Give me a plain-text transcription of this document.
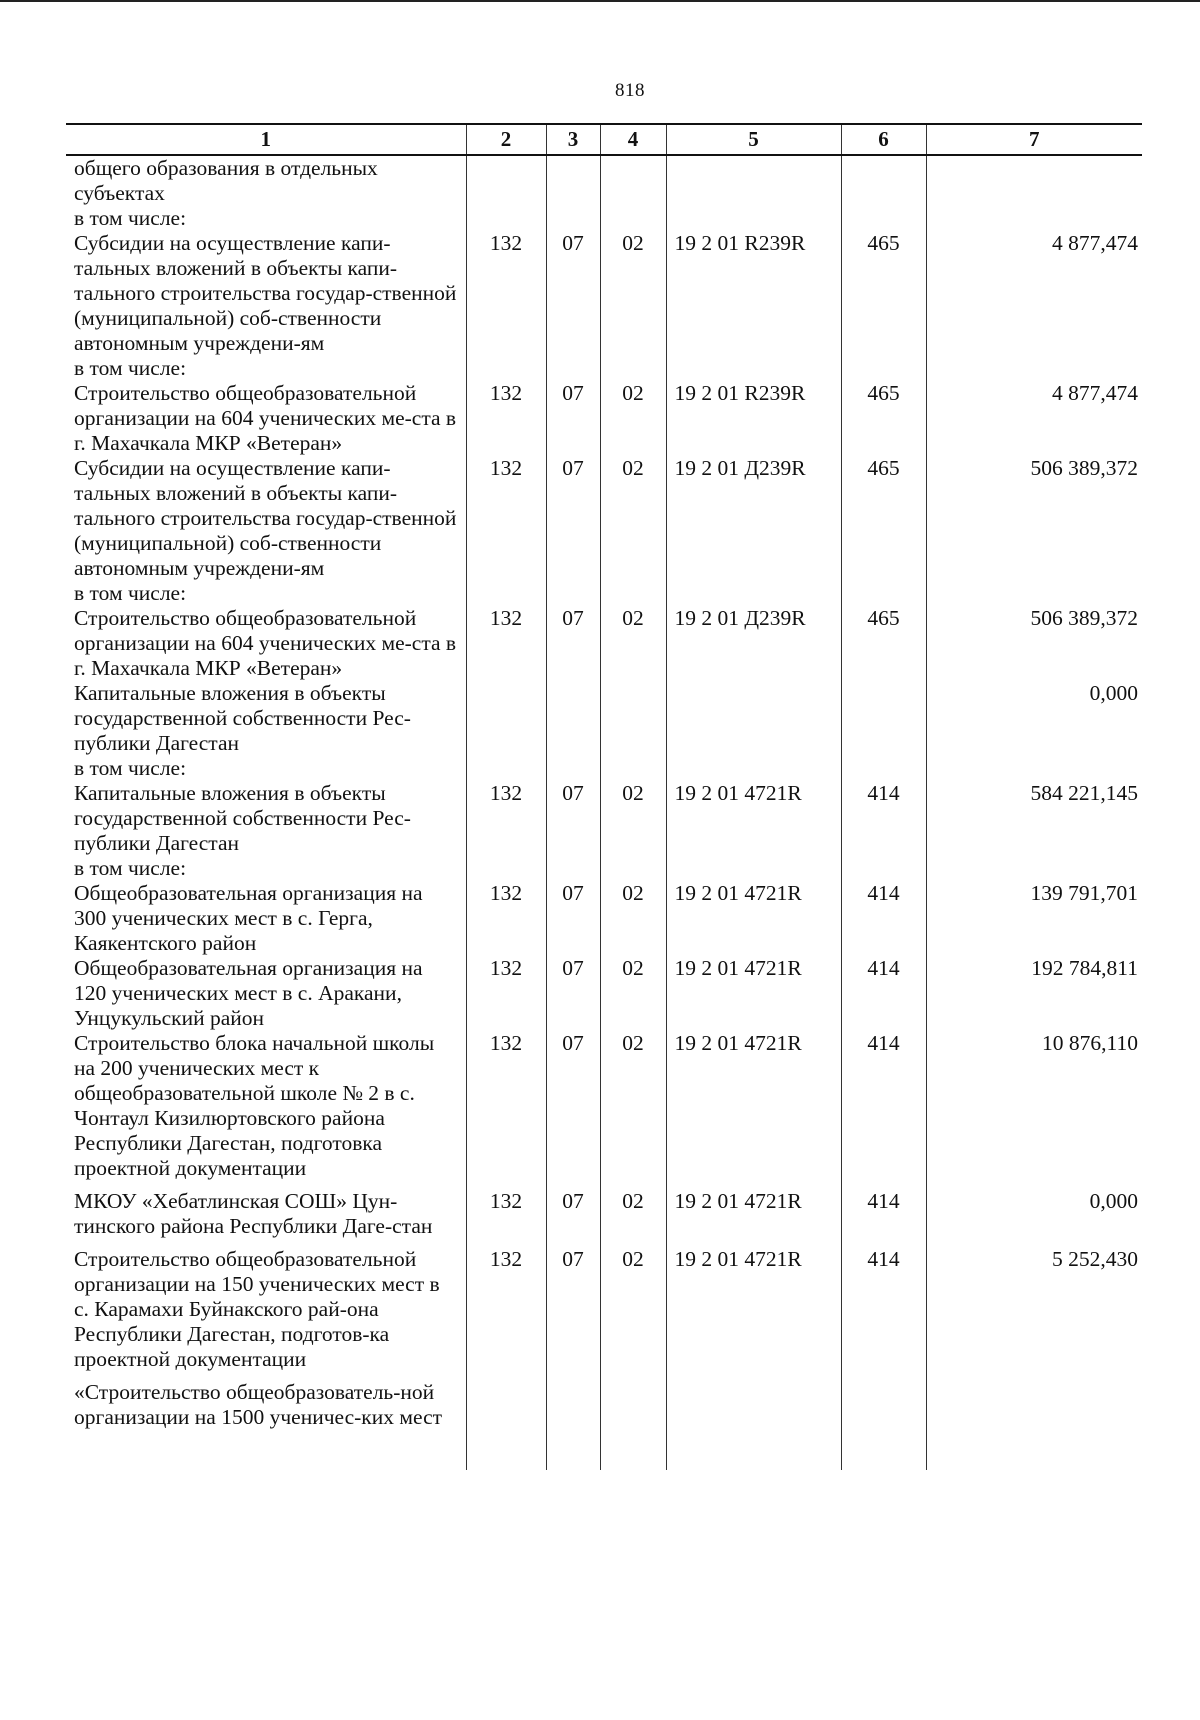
818
1	2	3	4	5	6	7
общего образования в отдельных субъектах						
в том числе:						
Субсидии на осуществление капи-тальных вложений в объекты капи-тального строительства государ-ственной (муниципальной) соб-ственности автономным учреждени-ям	132	07	02	19 2 01 R239R	465	4 877,474
в том числе:						
Строительство общеобразовательной организации на 604 ученических ме-ста в г. Махачкала МКР «Ветеран»	132	07	02	19 2 01 R239R	465	4 877,474
Субсидии на осуществление капи-тальных вложений в объекты капи-тального строительства государ-ственной (муниципальной) соб-ственности автономным учреждени-ям	132	07	02	19 2 01 Д239R	465	506 389,372
в том числе:						
Строительство общеобразовательной организации на 604 ученических ме-ста в г. Махачкала МКР «Ветеран»	132	07	02	19 2 01 Д239R	465	506 389,372
Капитальные вложения в объекты государственной собственности Рес-публики Дагестан						0,000
в том числе:						
Капитальные вложения в объекты государственной собственности Рес-публики Дагестан	132	07	02	19 2 01 4721R	414	584 221,145
в том числе:						
Общеобразовательная организация на 300 ученических мест в с. Герга, Каякентского район	132	07	02	19 2 01 4721R	414	139 791,701
Общеобразовательная организация на 120 ученических мест в с. Аракани, Унцукульский район	132	07	02	19 2 01 4721R	414	192 784,811
Строительство блока начальной школы на 200 ученических мест к общеобразовательной школе № 2 в с. Чонтаул Кизилюртовского района Республики Дагестан, подготовка проектной документации	132	07	02	19 2 01 4721R	414	10 876,110
МКОУ «Хебатлинская СОШ» Цун-тинского района Республики Даге-стан	132	07	02	19 2 01 4721R	414	0,000
Строительство общеобразовательной организации на 150 ученических мест в с. Карамахи Буйнакского рай-она Республики Дагестан, подготов-ка проектной документации	132	07	02	19 2 01 4721R	414	5 252,430
«Строительство общеобразователь-ной организации на 1500 ученичес-ких мест						
